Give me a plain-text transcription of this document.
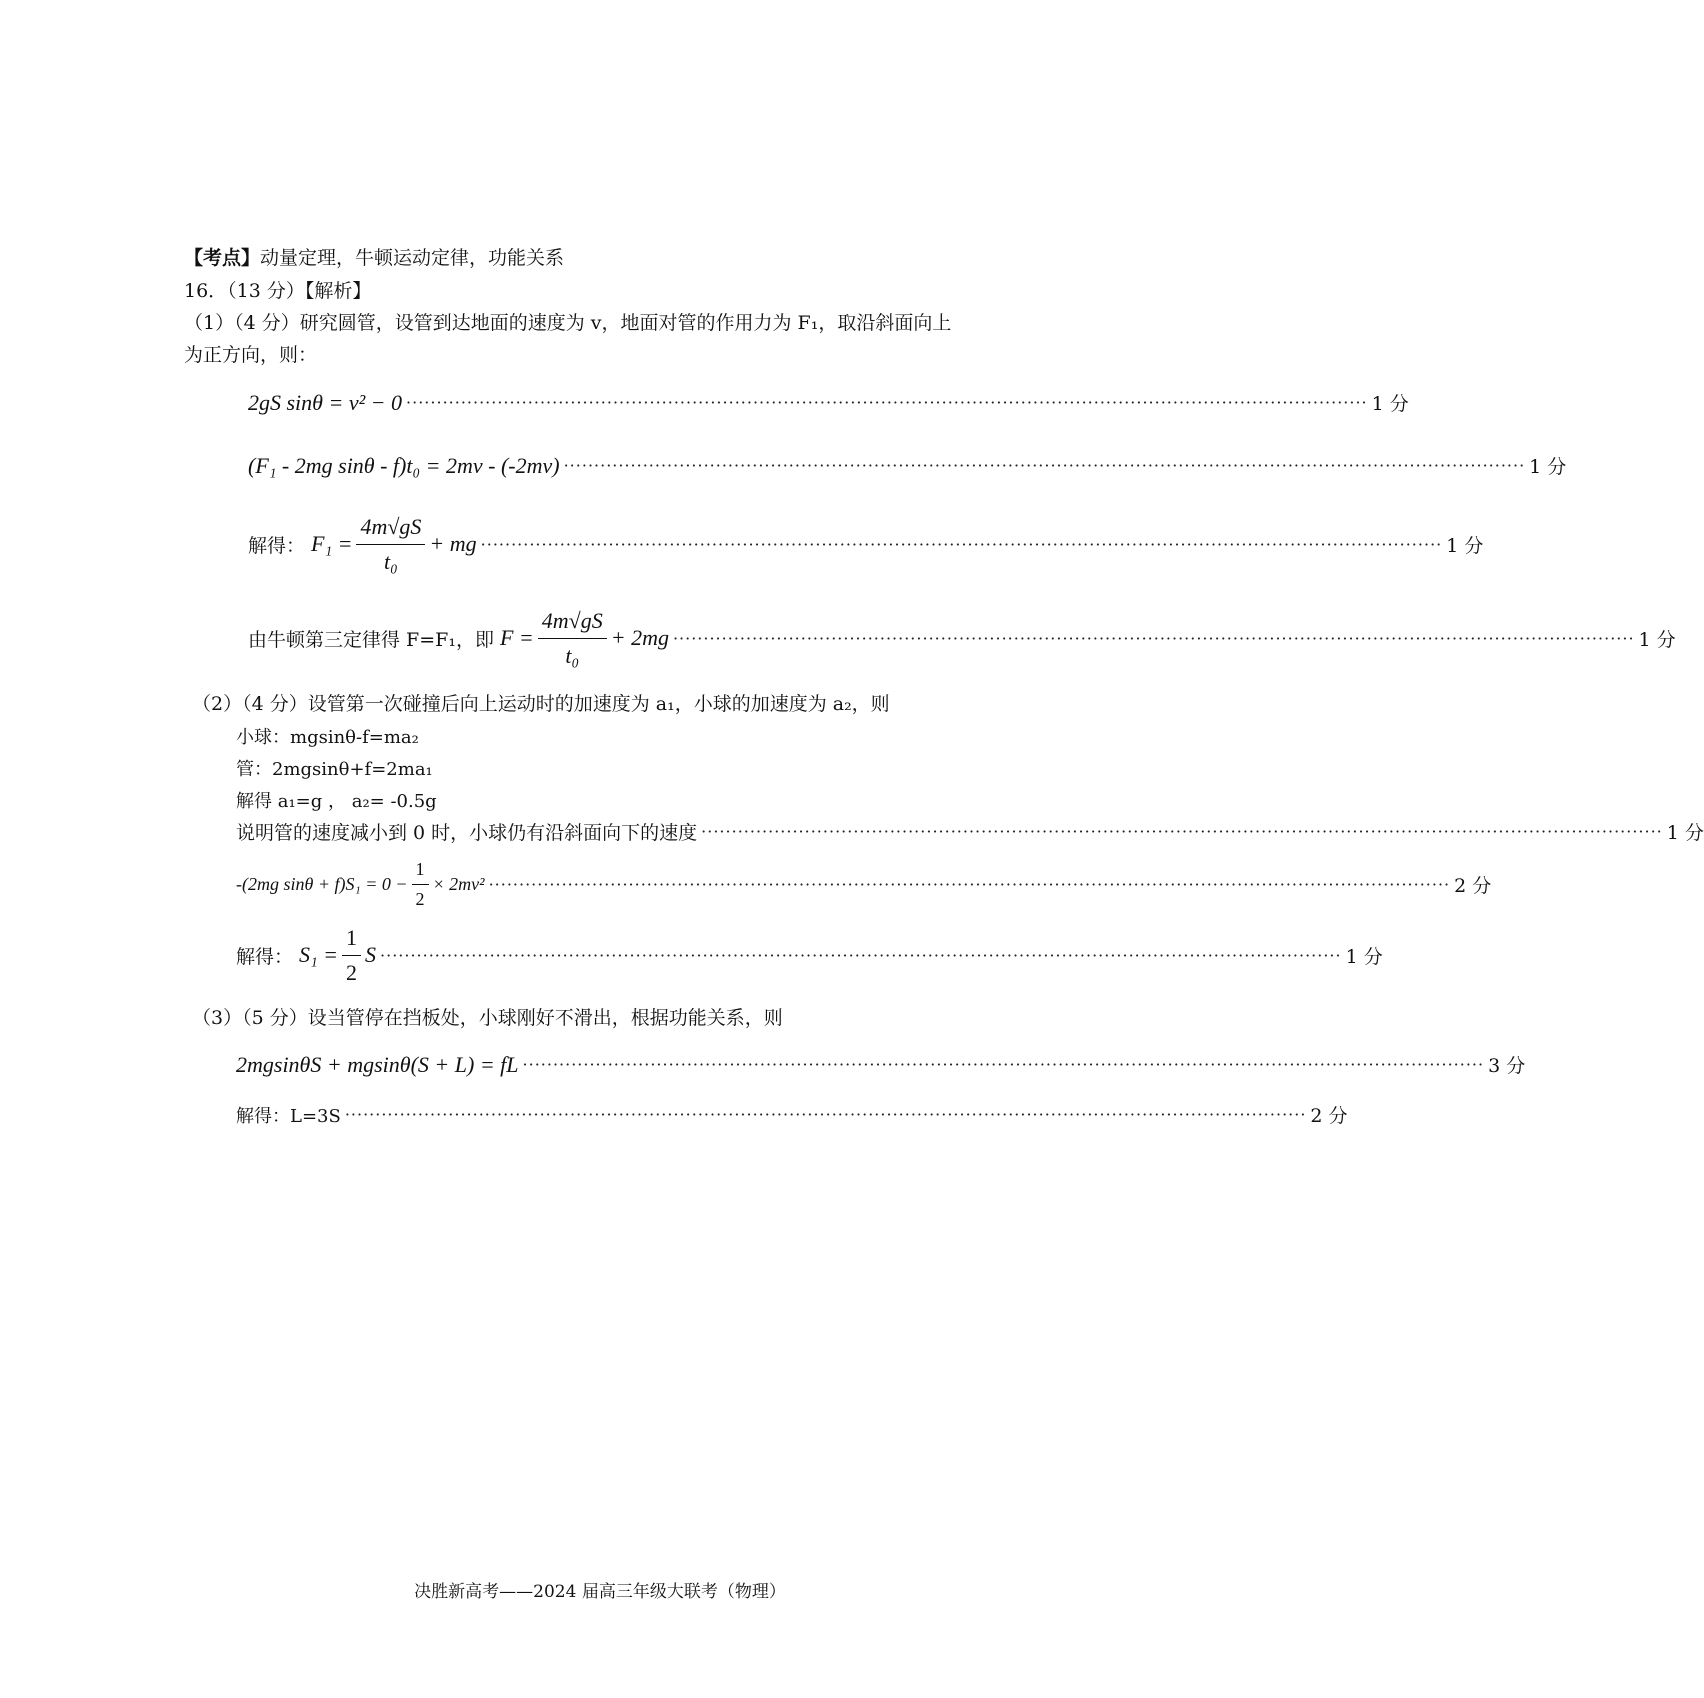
【考点】动量定理，牛顿运动定律，功能关系
16．（13 分）【解析】
（1）（4 分）研究圆管，设管到达地面的速度为 v，地面对管的作用力为 F₁，取沿斜面向上
为正方向，则：
2gS sinθ = v² − 0 ······························································································································································ 1 分
(F₁ - 2mg sinθ - f)t₀ = 2mv - (-2mv) ······························································································································································ 1 分
解得： $F_1 = \frac{4m√gS}{\text{t₀}}$ + mg ······························································································································································ 1 分
由牛顿第三定律得 F=F₁，即 $F = \frac{4m√gS}{\text{t₀}} + 2mg$ ······························································································································································ 1 分
（2）（4 分）设管第一次碰撞后向上运动时的加速度为 a₁，小球的加速度为 a₂，则
小球：mgsinθ-f=ma₂
管：2mgsinθ+f=2ma₁
解得 a₁=g ， a₂= -0.5g
说明管的速度减小到 0 时，小球仍有沿斜面向下的速度 ······························································································································································ 1 分
-(2mg $\sin\theta + f)S_1 = 0 - \frac{1}{2} \times 2mv^2$ ······························································································································································ 2 分
解得： $S_1 = \frac{1}{2}$ S ······························································································································································ 1 分
（3）（5 分）设当管停在挡板处，小球刚好不滑出，根据功能关系，则
2mgsinθS + mgsinθ(S + L) = fL ······························································································································································ 3 分
解得：L=3S ······························································································································································ 2 分
决胜新高考——2024 届高三年级大联考（物理）
